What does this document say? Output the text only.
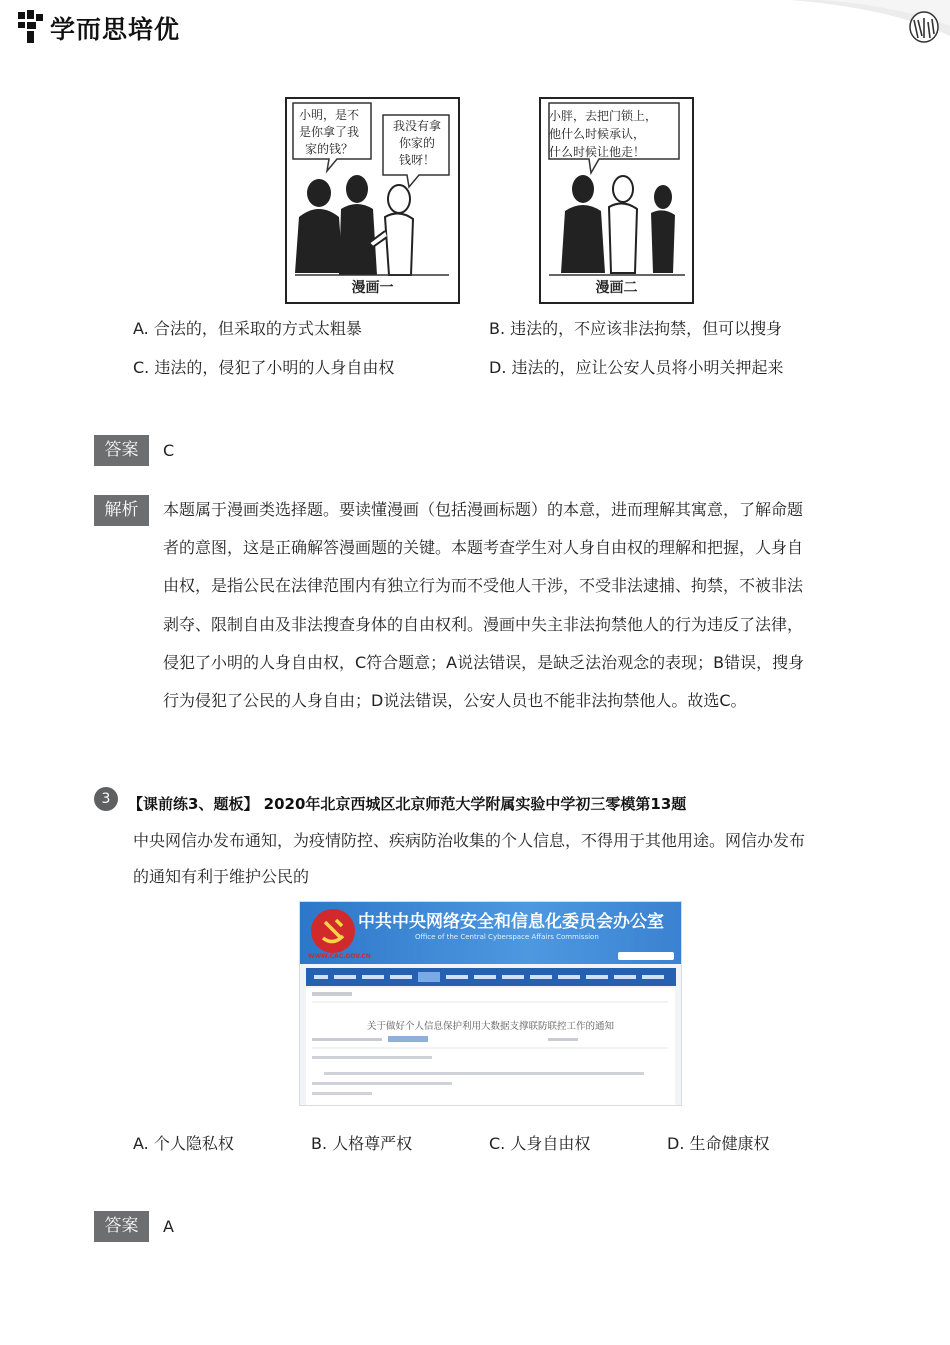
学而思培优
小明，是不
是你拿了我
家的钱？
我没有拿
你家的
钱呀！
漫画一
小胖，去把门锁上，
他什么时候承认，
什么时候让他走！
漫画二
A. 合法的，但采取的方式太粗暴	B. 违法的，不应该非法拘禁，但可以搜身
C. 违法的，侵犯了小明的人身自由权	D. 违法的，应让公安人员将小明关押起来
答案	C
解析	本题属于漫画类选择题。要读懂漫画（包括漫画标题）的本意，进而理解其寓意，了解命题
者的意图，这是正确解答漫画题的关键。本题考查学生对人身自由权的理解和把握，人身自
由权，是指公民在法律范围内有独立行为而不受他人干涉，不受非法逮捕、拘禁，不被非法
剥夺、限制自由及非法搜查身体的自由权利。漫画中失主非法拘禁他人的行为违反了法律，
侵犯了小明的人身自由权，C符合题意；A说法错误，是缺乏法治观念的表现；B错误，搜身
行为侵犯了公民的人身自由；D说法错误，公安人员也不能非法拘禁他人。故选C。
3	【课前练3、题板】 2020年北京西城区北京师范大学附属实验中学初三零模第13题
中央网信办发布通知，为疫情防控、疾病防治收集的个人信息，不得用于其他用途。网信办发布
的通知有利于维护公民的
中共中央网络安全和信息化委员会办公室
Office of the Central Cyberspace Affairs Commission
WWW.CAC.GOV.CN
关于做好个人信息保护利用大数据支撑联防联控工作的通知
A. 个人隐私权	B. 人格尊严权	C. 人身自由权	D. 生命健康权
答案	A
